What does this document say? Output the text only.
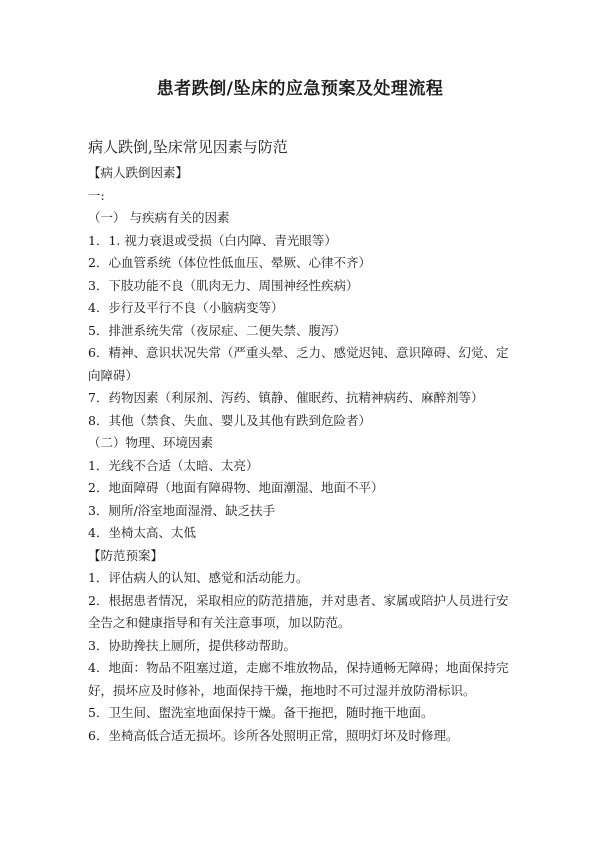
患者跌倒/坠床的应急预案及处理流程
病人跌倒,坠床常见因素与防范
【病人跌倒因素】
一:
（一） 与疾病有关的因素
1．1. 视力衰退或受损（白内障、青光眼等）
2．心血管系统（体位性低血压、晕厥、心律不齐）
3．下肢功能不良（肌肉无力、周围神经性疾病）
4．步行及平行不良（小脑病变等）
5．排泄系统失常（夜尿症、二便失禁、腹泻）
6．精神、意识状况失常（严重头晕、乏力、感觉迟钝、意识障碍、幻觉、定向障碍）
7．药物因素（利尿剂、泻药、镇静、催眠药、抗精神病药、麻醉剂等）
8．其他（禁食、失血、婴儿及其他有跌到危险者）
（二）物理、环境因素
1．光线不合适（太暗、太亮）
2．地面障碍（地面有障碍物、地面潮湿、地面不平）
3．厕所/浴室地面湿滑、缺乏扶手
4．坐椅太高、太低
【防范预案】
1．评估病人的认知、感觉和活动能力。
2．根据患者情况，采取相应的防范措施，并对患者、家属或陪护人员进行安全告之和健康指导和有关注意事项，加以防范。
3．协助搀扶上厕所，提供移动帮助。
4．地面：物品不阻塞过道，走廊不堆放物品，保持通畅无障碍；地面保持完好，损坏应及时修补，地面保持干燥，拖地时不可过湿并放防滑标识。
5．卫生间、盥洗室地面保持干燥。备干拖把，随时拖干地面。
6．坐椅高低合适无损坏。诊所各处照明正常，照明灯坏及时修理。
